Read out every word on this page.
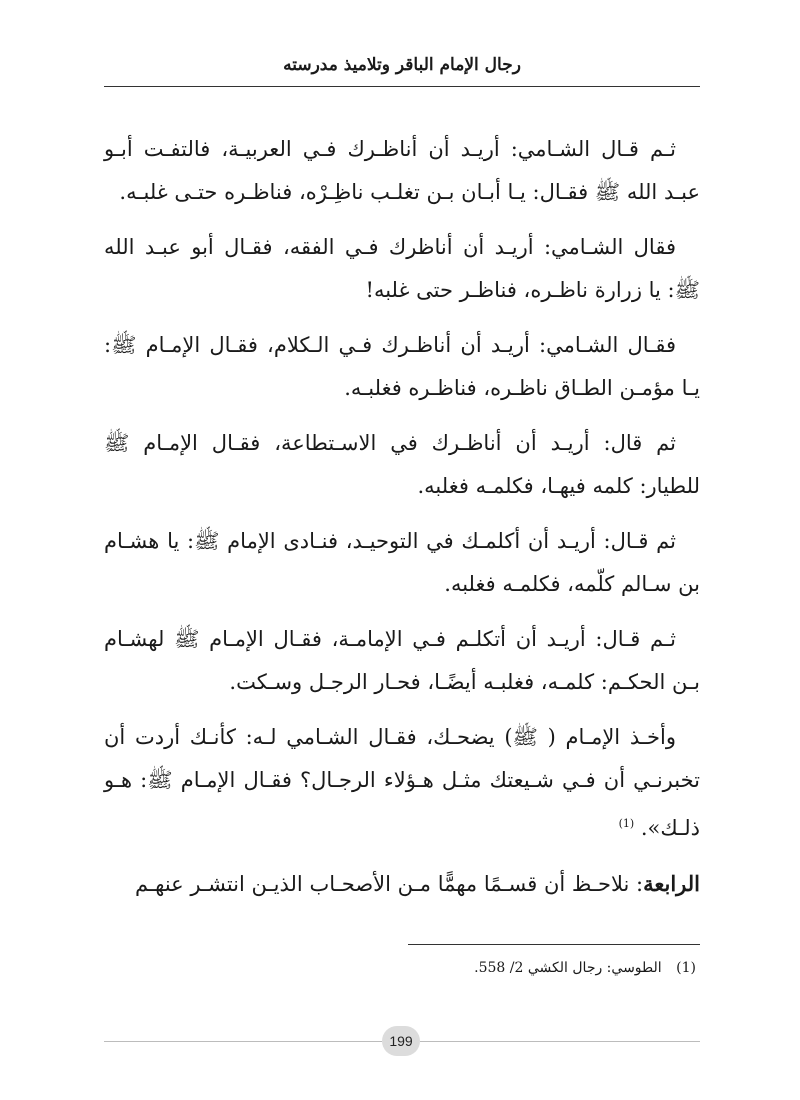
رجال الإمام الباقر وتلاميذ مدرسته

ثـم قـال الشـامي: أريـد أن أناظـرك فـي العربيـة، فالتفـت أبـو عبـد الله ﷺ فقـال: يـا أبـان بـن تغلـب ناظِـرْه، فناظـره حتـى غلبـه.

فقال الشـامي: أريـد أن أناظرك فـي الفقه، فقـال أبو عبـد الله ﷺ: يا زرارة ناظـره، فناظـر حتى غلبه!

فقـال الشـامي: أريـد أن أناظـرك فـي الـكلام، فقـال الإمـام ﷺ: يـا مؤمـن الطـاق ناظـره، فناظـره فغلبـه.

ثم قال: أريـد أن أناظـرك في الاسـتطاعة، فقـال الإمـام ﷺ للطيار: كلمه فيهـا، فكلمـه فغلبه.

ثم قـال: أريـد أن أكلمـك في التوحيـد، فنـادى الإمام ﷺ: يا هشـام بن سـالم كلّمه، فكلمـه فغلبه.

ثـم قـال: أريـد أن أتكلـم فـي الإمامـة، فقـال الإمـام ﷺ لهشـام بـن الحكـم: كلمـه، فغلبـه أيضًـا، فحـار الرجـل وسـكت.

وأخـذ الإمـام ( ﷺ) يضحـك، فقـال الشـامي لـه: كأنـك أردت أن تخبرنـي أن فـي شـيعتك مثـل هـؤلاء الرجـال؟ فقـال الإمـام ﷺ: هـو ذلـك». $^{(1)}$

الرابعة: نلاحـظ أن قسـمًا مهمًّا مـن الأصحـاب الذيـن انتشـر عنهـم

(1) الطوسي: رجال الكشي 2/ 558.
199
